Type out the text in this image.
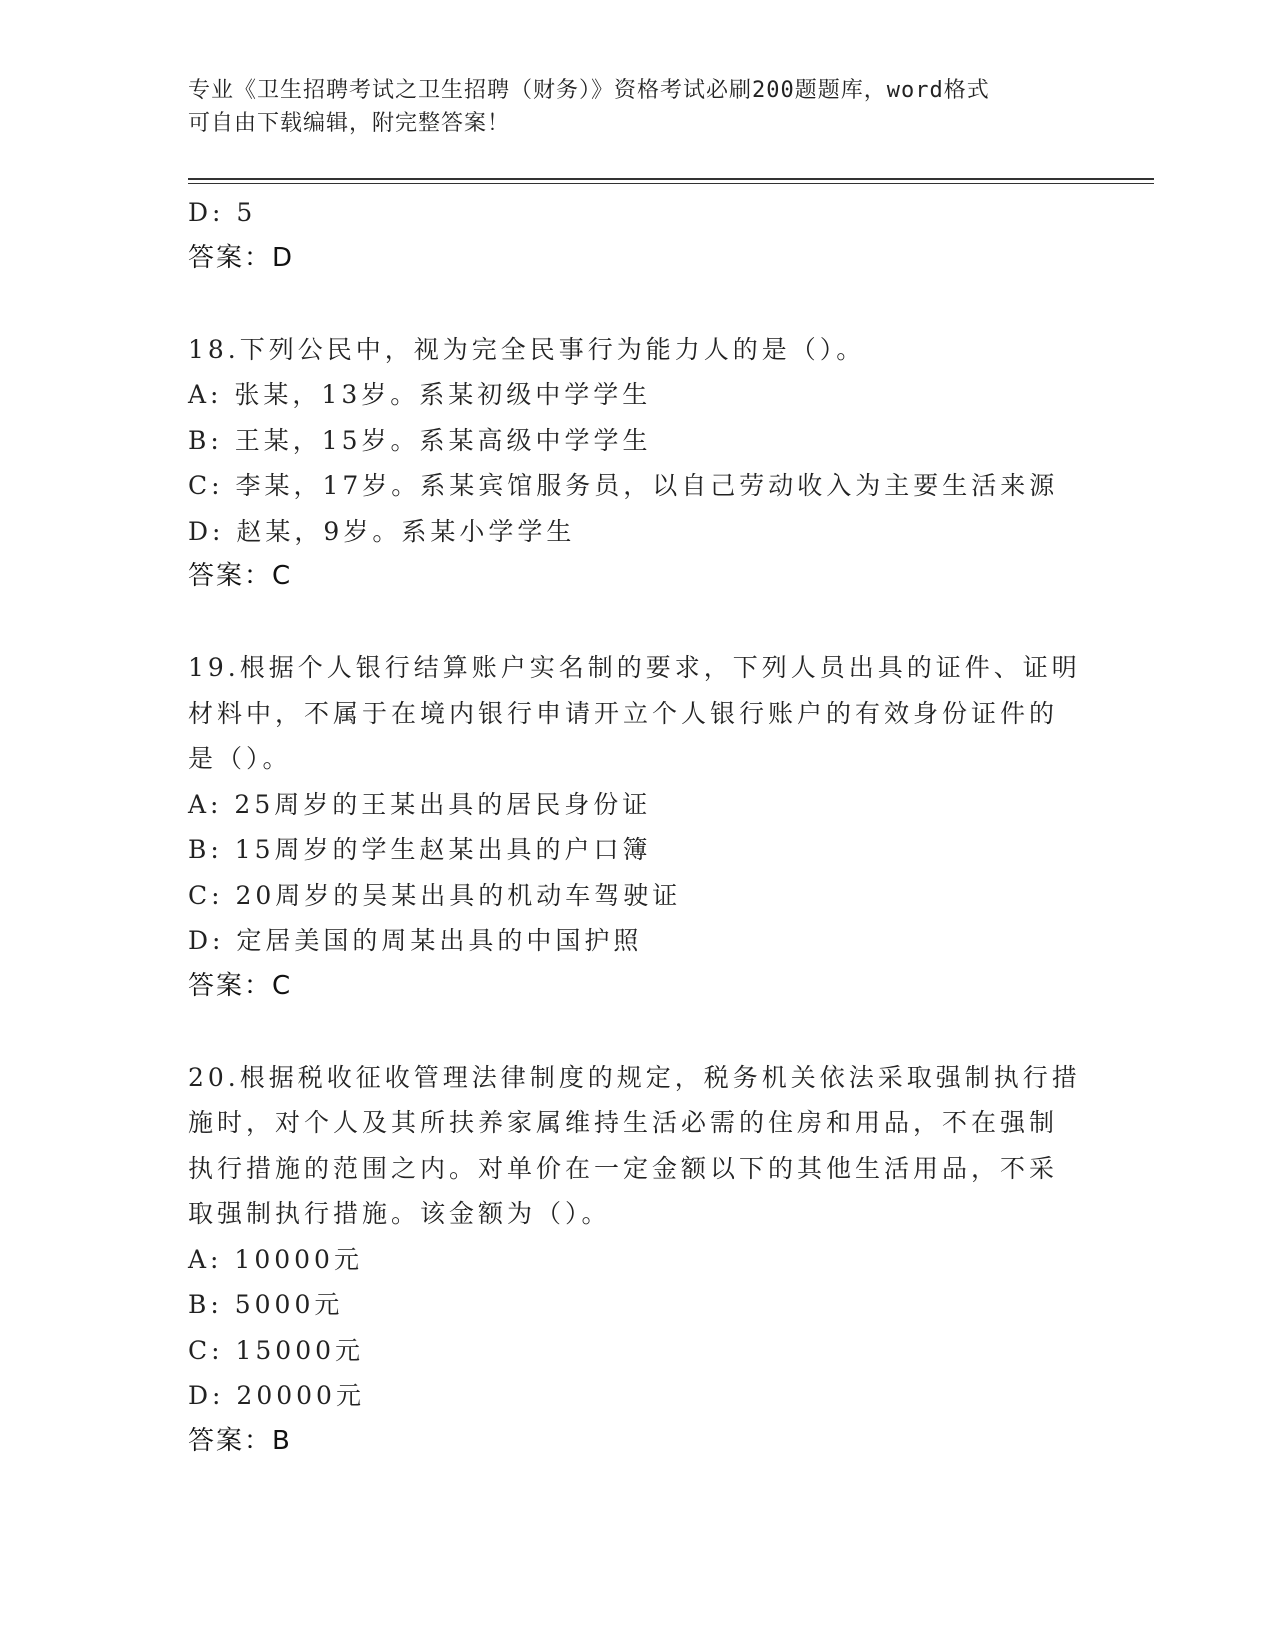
专业《卫生招聘考试之卫生招聘（财务）》资格考试必刷200题题库，word格式
可自由下载编辑，附完整答案！
D: 5
答案：D
18.下列公民中，视为完全民事行为能力人的是（）。
A: 张某，13岁。系某初级中学学生
B: 王某，15岁。系某高级中学学生
C: 李某，17岁。系某宾馆服务员，以自己劳动收入为主要生活来源
D: 赵某，9岁。系某小学学生
答案：C
19.根据个人银行结算账户实名制的要求，下列人员出具的证件、证明
材料中，不属于在境内银行申请开立个人银行账户的有效身份证件的
是（）。
A: 25周岁的王某出具的居民身份证
B: 15周岁的学生赵某出具的户口簿
C: 20周岁的吴某出具的机动车驾驶证
D: 定居美国的周某出具的中国护照
答案：C
20.根据税收征收管理法律制度的规定，税务机关依法采取强制执行措
施时，对个人及其所扶养家属维持生活必需的住房和用品，不在强制
执行措施的范围之内。对单价在一定金额以下的其他生活用品，不采
取强制执行措施。该金额为（）。
A: 10000元
B: 5000元
C: 15000元
D: 20000元
答案：B
